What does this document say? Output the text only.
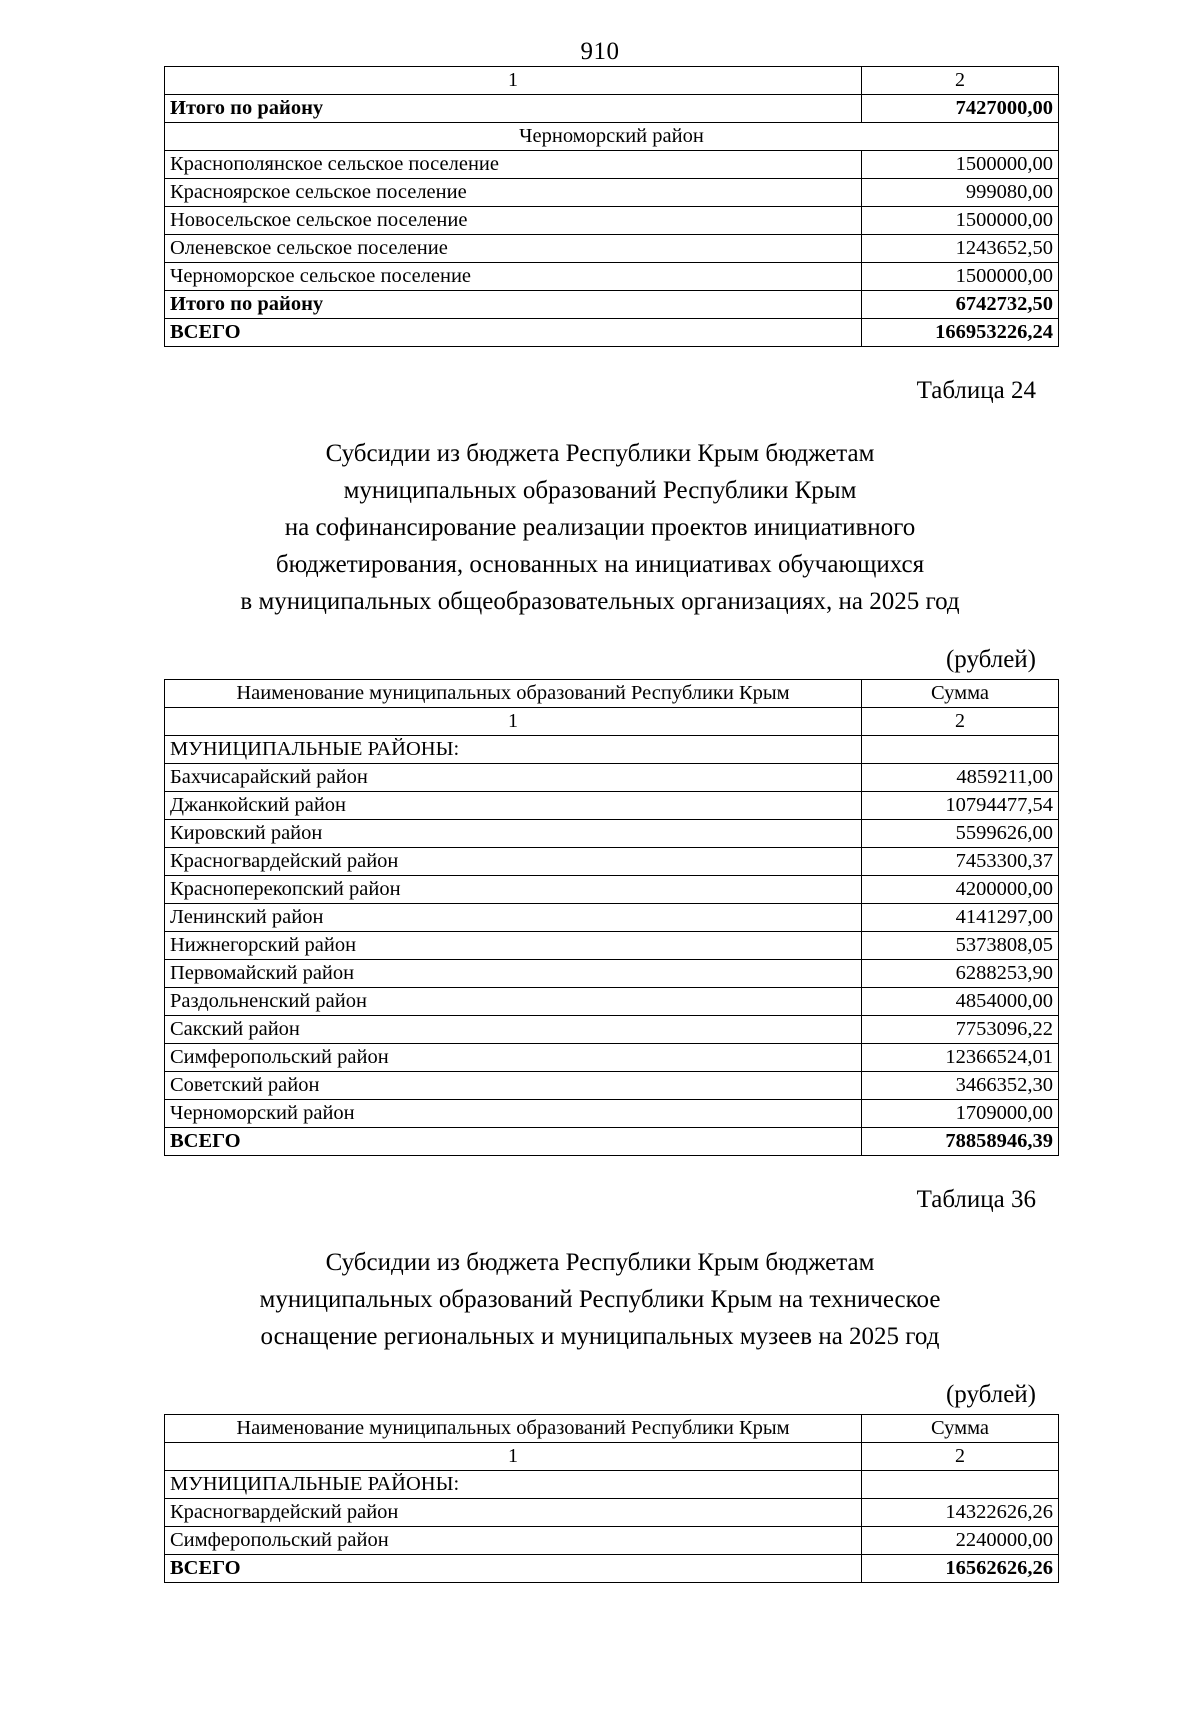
910
1	2
Итого по району	7427000,00
Черноморский район	
Краснополянское сельское поселение	1500000,00
Красноярское сельское поселение	999080,00
Новосельское сельское поселение	1500000,00
Оленевское сельское поселение	1243652,50
Черноморское сельское поселение	1500000,00
Итого по району	6742732,50
ВСЕГО	166953226,24
Таблица 24
Субсидии из бюджета Республики Крым бюджетам
муниципальных образований Республики Крым
на софинансирование реализации проектов инициативного
бюджетирования, основанных на инициативах обучающихся
в муниципальных общеобразовательных организациях, на 2025 год
(рублей)
Наименование муниципальных образований Республики Крым	Сумма
1	2
МУНИЦИПАЛЬНЫЕ РАЙОНЫ:	
Бахчисарайский район	4859211,00
Джанкойский район	10794477,54
Кировский район	5599626,00
Красногвардейский район	7453300,37
Красноперекопский район	4200000,00
Ленинский район	4141297,00
Нижнегорский район	5373808,05
Первомайский район	6288253,90
Раздольненский район	4854000,00
Сакский район	7753096,22
Симферопольский район	12366524,01
Советский район	3466352,30
Черноморский район	1709000,00
ВСЕГО	78858946,39
Таблица 36
Субсидии из бюджета Республики Крым бюджетам
муниципальных образований Республики Крым на техническое
оснащение региональных и муниципальных музеев на 2025 год
(рублей)
Наименование муниципальных образований Республики Крым	Сумма
1	2
МУНИЦИПАЛЬНЫЕ РАЙОНЫ:	
Красногвардейский район	14322626,26
Симферопольский район	2240000,00
ВСЕГО	16562626,26
